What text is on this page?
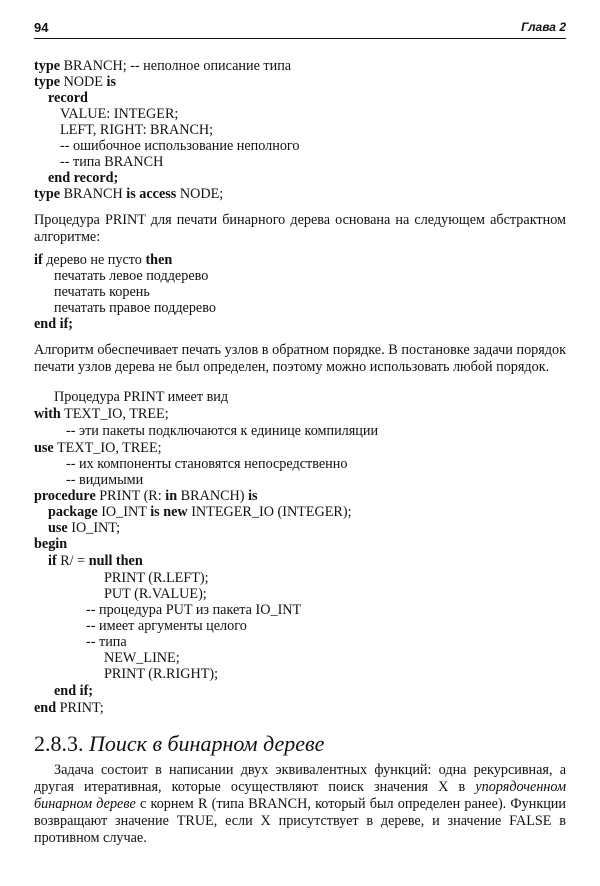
94	Глава 2
type BRANCH; -- неполное описание типа
type NODE is
record
VALUE: INTEGER;
LEFT, RIGHT: BRANCH;
-- ошибочное использование неполного
-- типа BRANCH
end record;
type BRANCH is access NODE;
Процедура PRINT для печати бинарного дерева основана на следующем абстрактном алгоритме:
if дерево не пусто then
печатать левое поддерево
печатать корень
печатать правое поддерево
end if;
Алгоритм обеспечивает печать узлов в обратном порядке. В постановке задачи порядок печати узлов дерева не был определен, поэтому можно использовать любой порядок.
Процедура PRINT имеет вид
with TEXT_IO, TREE;
-- эти пакеты подключаются к единице компиляции
use TEXT_IO, TREE;
-- их компоненты становятся непосредственно
-- видимыми
procedure PRINT (R: in BRANCH) is
package IO_INT is new INTEGER_IO (INTEGER);
use IO_INT;
begin
if R/ = null then
PRINT (R.LEFT);
PUT (R.VALUE);
-- процедура PUT из пакета IO_INT
-- имеет аргументы целого
-- типа
NEW_LINE;
PRINT (R.RIGHT);
end if;
end PRINT;
2.8.3. Поиск в бинарном дереве
Задача состоит в написании двух эквивалентных функций: одна рекурсивная, а другая итеративная, которые осуществляют поиск значения X в упорядоченном бинарном дереве с корнем R (типа BRANCH, который был определен ранее). Функции возвращают значение TRUE, если X присутствует в дереве, и значение FALSE в противном случае.
